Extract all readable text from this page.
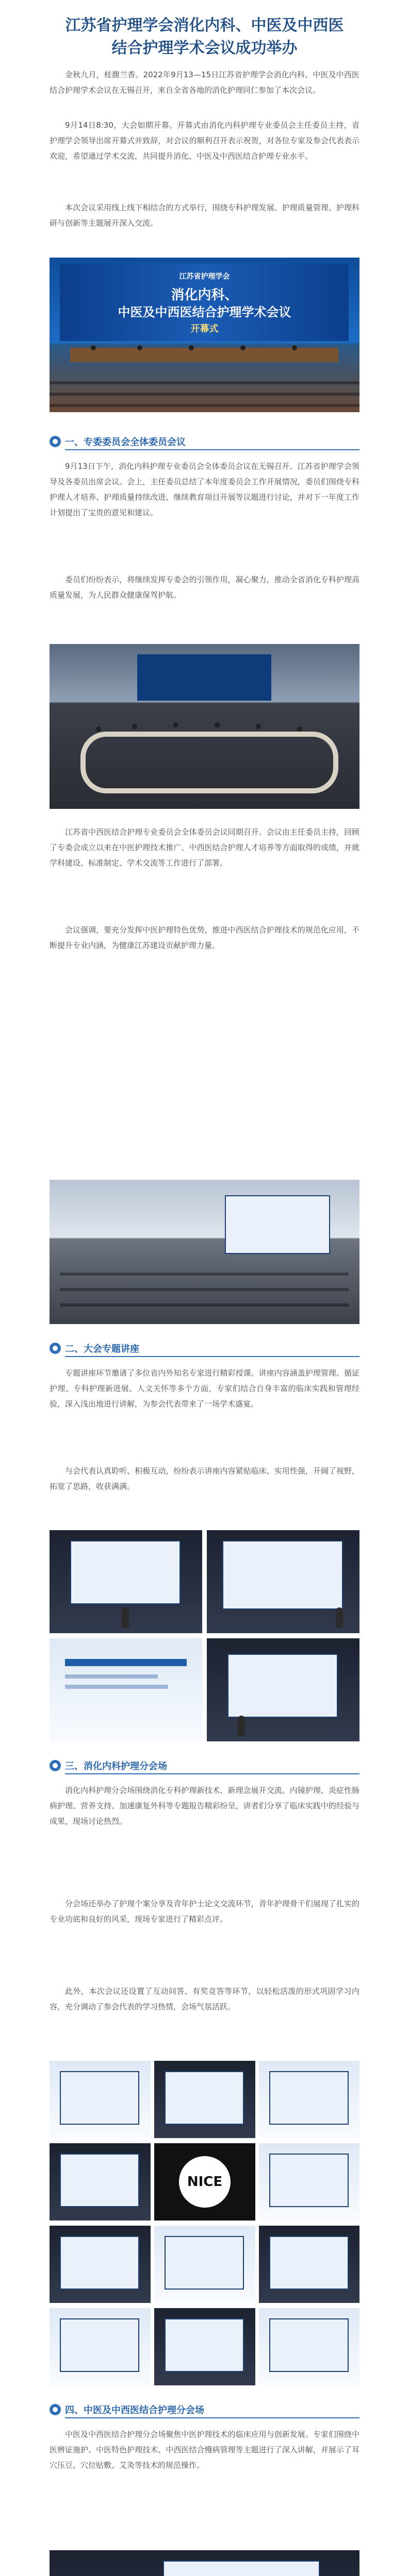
江苏省护理学会消化内科、中医及中西医
结合护理学术会议成功举办
金秋九月，桂馥兰香。2022年9月13—15日江苏省护理学会消化内科、中医及中西医结合护理学术会议在无锡召开，来自全省各地的消化护理同仁参加了本次会议。
9月14日8:30，大会如期开幕。开幕式由消化内科护理专业委员会主任委员主持，省护理学会领导出席开幕式并致辞，对会议的顺利召开表示祝贺，对各位专家及参会代表表示欢迎，希望通过学术交流，共同提升消化、中医及中西医结合护理专业水平。
本次会议采用线上线下相结合的方式举行，围绕专科护理发展、护理质量管理、护理科研与创新等主题展开深入交流。
江苏省护理学会
消化内科、
中医及中西医结合护理学术会议
开幕式
一、专委委员会全体委员会议
9月13日下午，消化内科护理专业委员会全体委员会议在无锡召开。江苏省护理学会领导及各委员出席会议。会上，主任委员总结了本年度委员会工作开展情况，委员们围绕专科护理人才培养、护理质量持续改进、继续教育项目开展等议题进行讨论，并对下一年度工作计划提出了宝贵的意见和建议。
委员们纷纷表示，将继续发挥专委会的引领作用，凝心聚力，推动全省消化专科护理高质量发展，为人民群众健康保驾护航。
江苏省中西医结合护理专业委员会全体委员会议同期召开。会议由主任委员主持，回顾了专委会成立以来在中医护理技术推广、中西医结合护理人才培养等方面取得的成绩，并就学科建设、标准制定、学术交流等工作进行了部署。
会议强调，要充分发挥中医护理特色优势，推进中西医结合护理技术的规范化应用，不断提升专业内涵，为健康江苏建设贡献护理力量。
二、大会专题讲座
专题讲座环节邀请了多位省内外知名专家进行精彩授课。讲座内容涵盖护理管理、循证护理、专科护理新进展、人文关怀等多个方面，专家们结合自身丰富的临床实践和管理经验，深入浅出地进行讲解，为参会代表带来了一场学术盛宴。
与会代表认真聆听、积极互动，纷纷表示讲座内容紧贴临床、实用性强，开阔了视野，拓宽了思路，收获满满。
三、消化内科护理分会场
消化内科护理分会场围绕消化专科护理新技术、新理念展开交流。内镜护理、炎症性肠病护理、营养支持、加速康复外科等专题报告精彩纷呈，讲者们分享了临床实践中的经验与成果，现场讨论热烈。
分会场还举办了护理个案分享及青年护士论文交流环节，青年护理骨干们展现了扎实的专业功底和良好的风采，现场专家进行了精彩点评。
此外，本次会议还设置了互动问答、有奖竞答等环节，以轻松活泼的形式巩固学习内容，充分调动了参会代表的学习热情，会场气氛活跃。
NICE
四、中医及中西医结合护理分会场
中医及中西医结合护理分会场聚焦中医护理技术的临床应用与创新发展。专家们围绕中医辨证施护、中医特色护理技术、中西医结合慢病管理等主题进行了深入讲解，并展示了耳穴压豆、穴位贴敷、艾灸等技术的规范操作。
